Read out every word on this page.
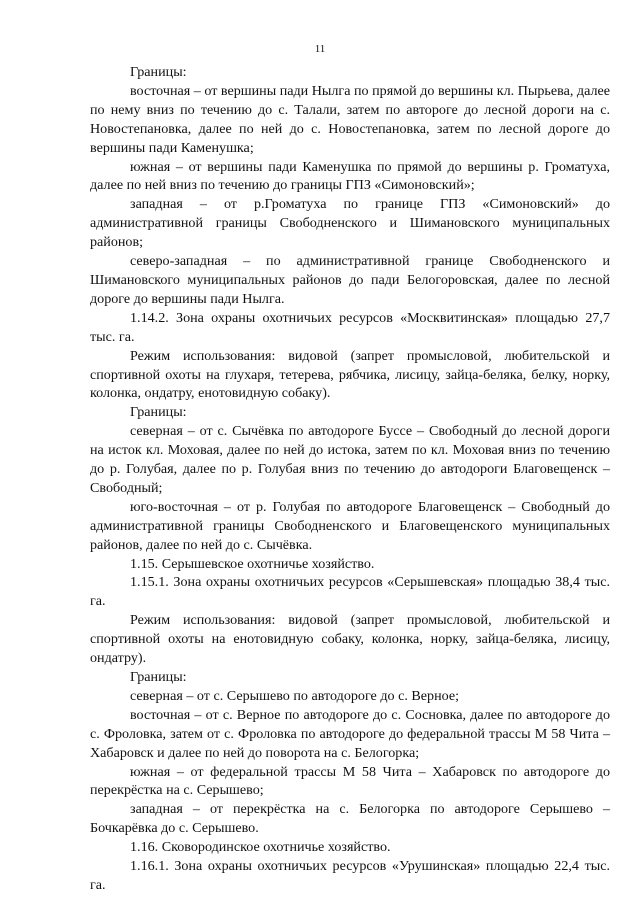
11

Границы:

восточная – от вершины пади Нылга по прямой до вершины кл. Пырьева, далее по нему вниз по течению до с. Талали, затем по автороге до лесной дороги на с. Новостепановка, далее по ней до с. Новостепановка, затем по лесной дороге до вершины пади Каменушка;

южная – от вершины пади Каменушка по прямой до вершины р. Громатуха, далее по ней вниз по течению до границы ГПЗ «Симоновский»;

западная – от р.Громатуха по границе ГПЗ «Симоновский» до административной границы Свободненского и Шимановского муниципальных районов;

северо-западная – по административной границе Свободненского и Шимановского муниципальных районов до пади Белогоровская, далее по лесной дороге до вершины пади Нылга.

1.14.2. Зона охраны охотничьих ресурсов «Москвитинская» площадью 27,7 тыс. га.

Режим использования: видовой (запрет промысловой, любительской и спортивной охоты на глухаря, тетерева, рябчика, лисицу, зайца-беляка, белку, норку, колонка, ондатру, енотовидную собаку).

Границы:

северная – от с. Сычёвка по автодороге Буссе – Свободный до лесной дороги на исток кл. Моховая, далее по ней до истока, затем по кл. Моховая вниз по течению до р. Голубая, далее по р. Голубая вниз по течению до автодороги Благовещенск – Свободный;

юго-восточная – от р. Голубая по автодороге Благовещенск – Свободный до административной границы Свободненского и Благовещенского муниципальных районов, далее по ней до с. Сычёвка.

1.15. Серышевское охотничье хозяйство.

1.15.1. Зона охраны охотничьих ресурсов «Серышевская» площадью 38,4 тыс. га.

Режим использования: видовой (запрет промысловой, любительской и спортивной охоты на енотовидную собаку, колонка, норку, зайца-беляка, лисицу, ондатру).

Границы:

северная – от с. Серышево по автодороге до с. Верное;

восточная – от с. Верное по автодороге до с. Сосновка, далее по автодороге до с. Фроловка, затем от с. Фроловка по автодороге до федеральной трассы М 58 Чита – Хабаровск и далее по ней до поворота на с. Белогорка;

южная – от федеральной трассы М 58 Чита – Хабаровск по автодороге до перекрёстка на с. Серышево;

западная – от перекрёстка на с. Белогорка по автодороге Серышево – Бочкарёвка до с. Серышево.

1.16. Сковородинское охотничье хозяйство.

1.16.1. Зона охраны охотничьих ресурсов «Урушинская» площадью 22,4 тыс. га.
